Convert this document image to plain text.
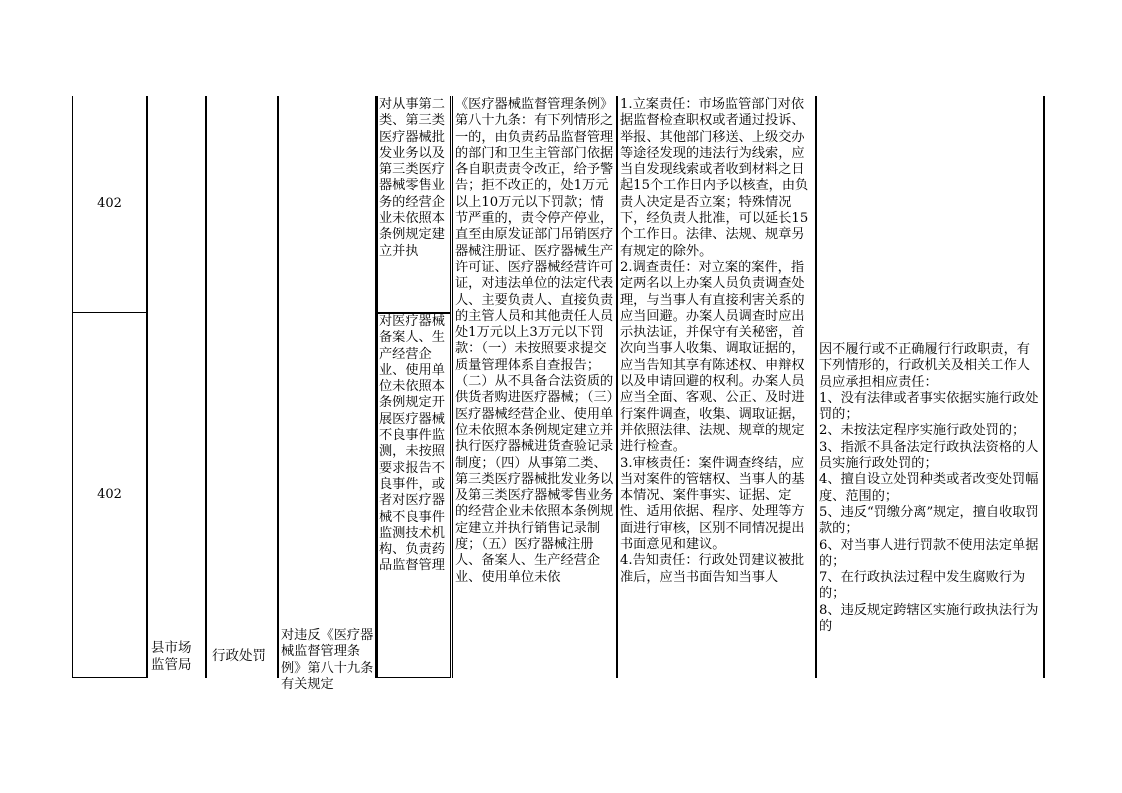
402
402
县市场
监管局
行政处罚
对违反《医疗器械监督管理条例》第八十九条有关规定
对从事第二类、第三类医疗器械批发业务以及第三类医疗器械零售业务的经营企业未依照本条例规定建立并执
对医疗器械备案人、生产经营企业、使用单位未依照本条例规定开展医疗器械不良事件监测，未按照要求报告不良事件，或者对医疗器械不良事件监测技术机构、负责药品监督管理
《医疗器械监督管理条例》第八十九条：有下列情形之一的，由负责药品监督管理的部门和卫生主管部门依据各自职责责令改正，给予警告；拒不改正的，处1万元以上10万元以下罚款；情节严重的，责令停产停业，直至由原发证部门吊销医疗器械注册证、医疗器械生产许可证、医疗器械经营许可证，对违法单位的法定代表人、主要负责人、直接负责的主管人员和其他责任人员处1万元以上3万元以下罚款：（一）未按照要求提交质量管理体系自查报告；（二）从不具备合法资质的供货者购进医疗器械；（三）医疗器械经营企业、使用单位未依照本条例规定建立并执行医疗器械进货查验记录制度；（四）从事第二类、第三类医疗器械批发业务以及第三类医疗器械零售业务的经营企业未依照本条例规定建立并执行销售记录制度；（五）医疗器械注册人、备案人、生产经营企业、使用单位未依
1.立案责任：市场监管部门对依据监督检查职权或者通过投诉、举报、其他部门移送、上级交办等途径发现的违法行为线索，应当自发现线索或者收到材料之日起15个工作日内予以核查，由负责人决定是否立案；特殊情况下，经负责人批准，可以延长15个工作日。法律、法规、规章另有规定的除外。
2.调查责任：对立案的案件，指定两名以上办案人员负责调查处理，与当事人有直接利害关系的应当回避。办案人员调查时应出示执法证，并保守有关秘密，首次向当事人收集、调取证据的，应当告知其享有陈述权、申辩权以及申请回避的权利。办案人员应当全面、客观、公正、及时进行案件调查，收集、调取证据，并依照法律、法规、规章的规定进行检查。
3.审核责任：案件调查终结，应当对案件的管辖权、当事人的基本情况、案件事实、证据、定性、适用依据、程序、处理等方面进行审核，区别不同情况提出书面意见和建议。
4.告知责任：行政处罚建议被批准后，应当书面告知当事人
因不履行或不正确履行行政职责，有下列情形的，行政机关及相关工作人员应承担相应责任：
1、没有法律或者事实依据实施行政处罚的；
2、未按法定程序实施行政处罚的；
3、指派不具备法定行政执法资格的人员实施行政处罚的；
4、擅自设立处罚种类或者改变处罚幅度、范围的；
5、违反“罚缴分离”规定，擅自收取罚款的；
6、对当事人进行罚款不使用法定单据的；
7、在行政执法过程中发生腐败行为的；
8、违反规定跨辖区实施行政执法行为的
